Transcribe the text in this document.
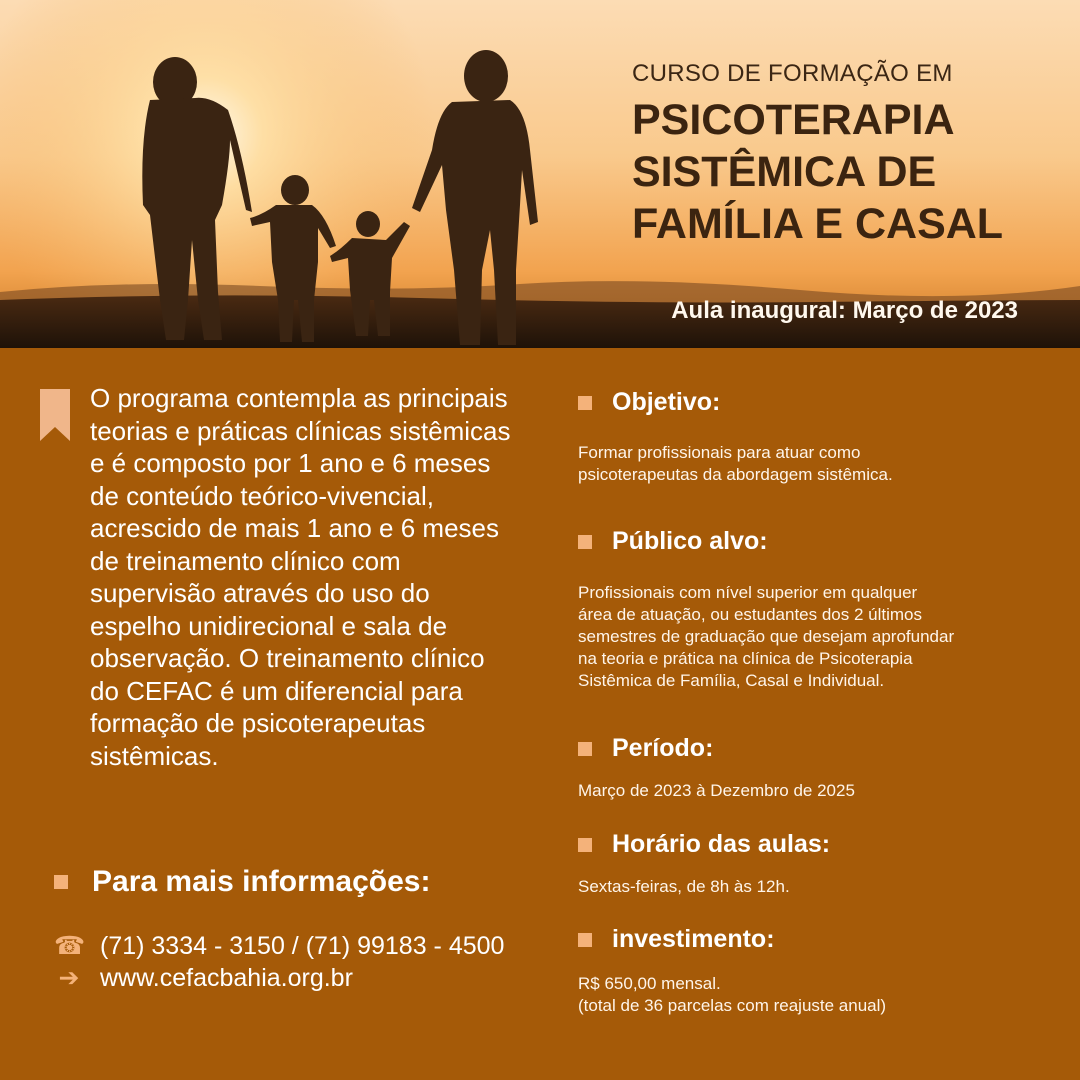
CURSO DE FORMAÇÃO EM
PSICOTERAPIA
SISTÊMICA DE
FAMÍLIA E CASAL
Aula inaugural: Março de 2023
O programa contempla as principais teorias e práticas clínicas sistêmicas e é composto por 1 ano e 6 meses de conteúdo teórico-vivencial, acrescido de mais 1 ano e 6 meses de treinamento clínico com supervisão através do uso do espelho unidirecional e sala de observação. O treinamento clínico do CEFAC é um diferencial para formação de psicoterapeutas sistêmicas.
Para mais informações:
☎ (71) 3334 - 3150 / (71) 99183 - 4500
➔ www.cefacbahia.org.br
Objetivo:
Formar profissionais para atuar como
psicoterapeutas da abordagem sistêmica.
Público alvo:
Profissionais com nível superior em qualquer
área de atuação, ou estudantes dos 2 últimos
semestres de graduação que desejam aprofundar
na teoria e prática na clínica de Psicoterapia
Sistêmica de Família, Casal e Individual.
Período:
Março de 2023 à Dezembro de 2025
Horário das aulas:
Sextas-feiras, de 8h às 12h.
investimento:
R$ 650,00 mensal.
(total de 36 parcelas com reajuste anual)
